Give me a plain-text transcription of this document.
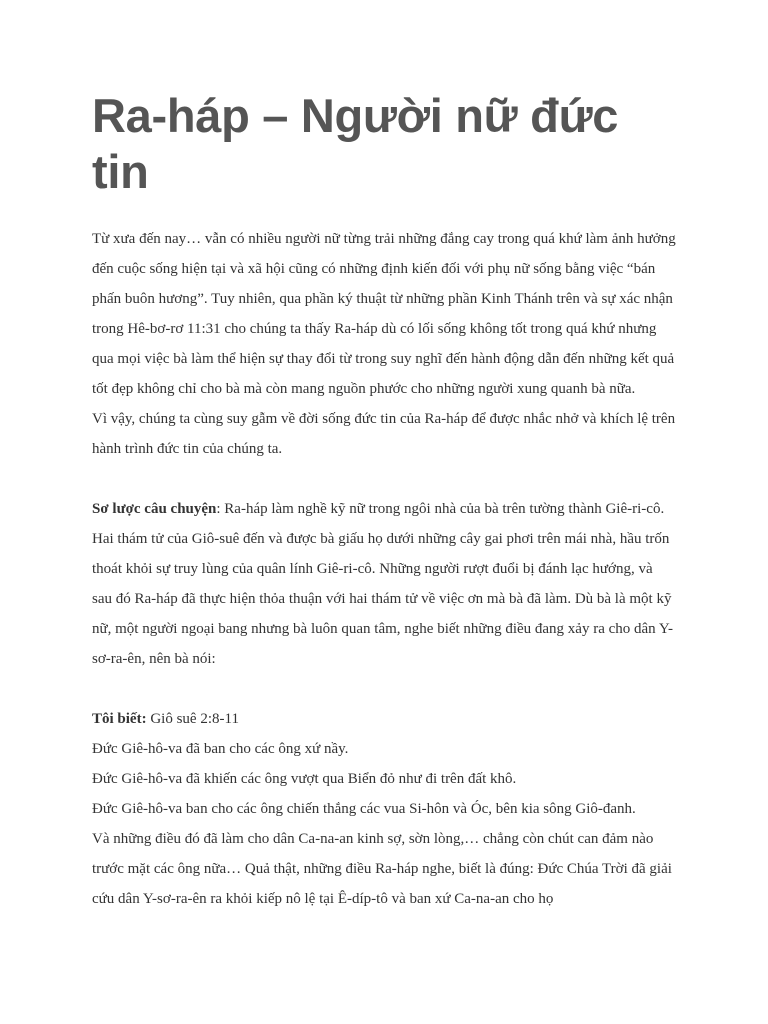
Ra-háp – Người nữ đức tin

Từ xưa đến nay… vẫn có nhiều người nữ từng trải những đắng cay trong quá khứ làm ảnh hưởng đến cuộc sống hiện tại và xã hội cũng có những định kiến đối với phụ nữ sống bằng việc “bán phấn buôn hương”. Tuy nhiên, qua phần ký thuật từ những phần Kinh Thánh trên và sự xác nhận trong Hê-bơ-rơ 11:31 cho chúng ta thấy Ra-háp dù có lối sống không tốt trong quá khứ nhưng qua mọi việc bà làm thể hiện sự thay đổi từ trong suy nghĩ đến hành động dẫn đến những kết quả tốt đẹp không chỉ cho bà mà còn mang nguồn phước cho những người xung quanh bà nữa.

Vì vậy, chúng ta cùng suy gẫm về đời sống đức tin của Ra-háp để được nhắc nhở và khích lệ trên hành trình đức tin của chúng ta.

Sơ lược câu chuyện: Ra-háp làm nghề kỹ nữ trong ngôi nhà của bà trên tường thành Giê-ri-cô. Hai thám tử của Giô-suê đến và được bà giấu họ dưới những cây gai phơi trên mái nhà, hầu trốn thoát khỏi sự truy lùng của quân lính Giê-ri-cô. Những người rượt đuổi bị đánh lạc hướng, và sau đó Ra-háp đã thực hiện thỏa thuận với hai thám tử về việc ơn mà bà đã làm. Dù bà là một kỹ nữ, một người ngoại bang nhưng bà luôn quan tâm, nghe biết những điều đang xảy ra cho dân Y-sơ-ra-ên, nên bà nói:

Tôi biết: Giô suê 2:8-11

Đức Giê-hô-va đã ban cho các ông xứ nầy.
Đức Giê-hô-va đã khiến các ông vượt qua Biển đỏ như đi trên đất khô.
Đức Giê-hô-va ban cho các ông chiến thắng các vua Si-hôn và Óc, bên kia sông Giô-đanh.

Và những điều đó đã làm cho dân Ca-na-an kinh sợ, sờn lòng,… chẳng còn chút can đảm nào trước mặt các ông nữa… Quả thật, những điều Ra-háp nghe, biết là đúng: Đức Chúa Trời đã giải cứu dân Y-sơ-ra-ên ra khỏi kiếp nô lệ tại Ê-díp-tô và ban xứ Ca-na-an cho họ
